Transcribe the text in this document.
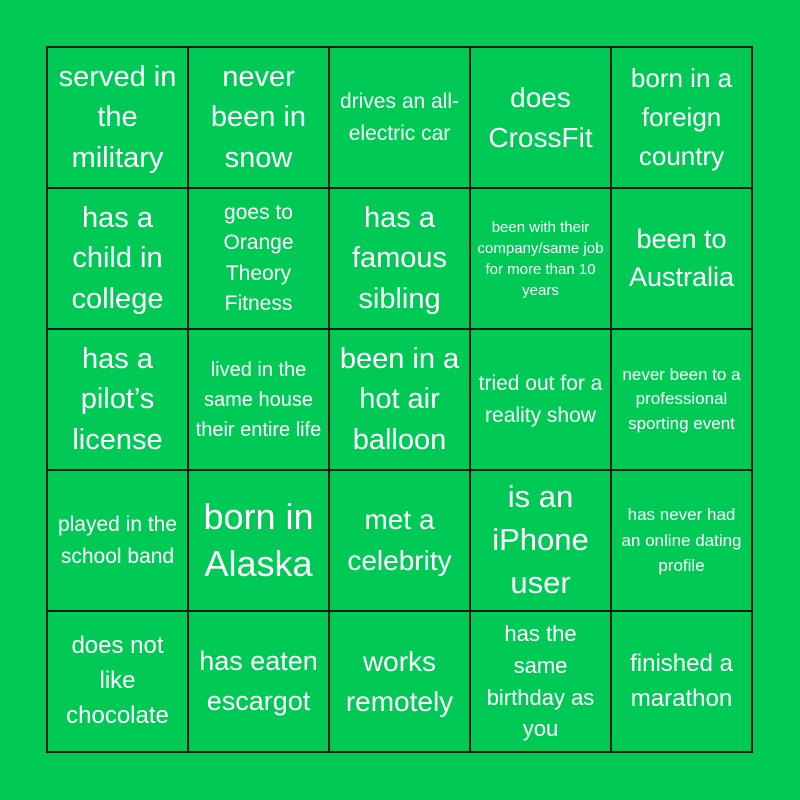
served in the military
never been in snow
drives an all-electric car
does CrossFit
born in a foreign country
has a child in college
goes to Orange Theory Fitness
has a famous sibling
been with their company/same job for more than 10 years
been to Australia
has a pilot’s license
lived in the same house their entire life
been in a hot air balloon
tried out for a reality show
never been to a professional sporting event
played in the school band
born in Alaska
met a celebrity
is an iPhone user
has never had an online dating profile
does not like chocolate
has eaten escargot
works remotely
has the same birthday as you
finished a marathon
